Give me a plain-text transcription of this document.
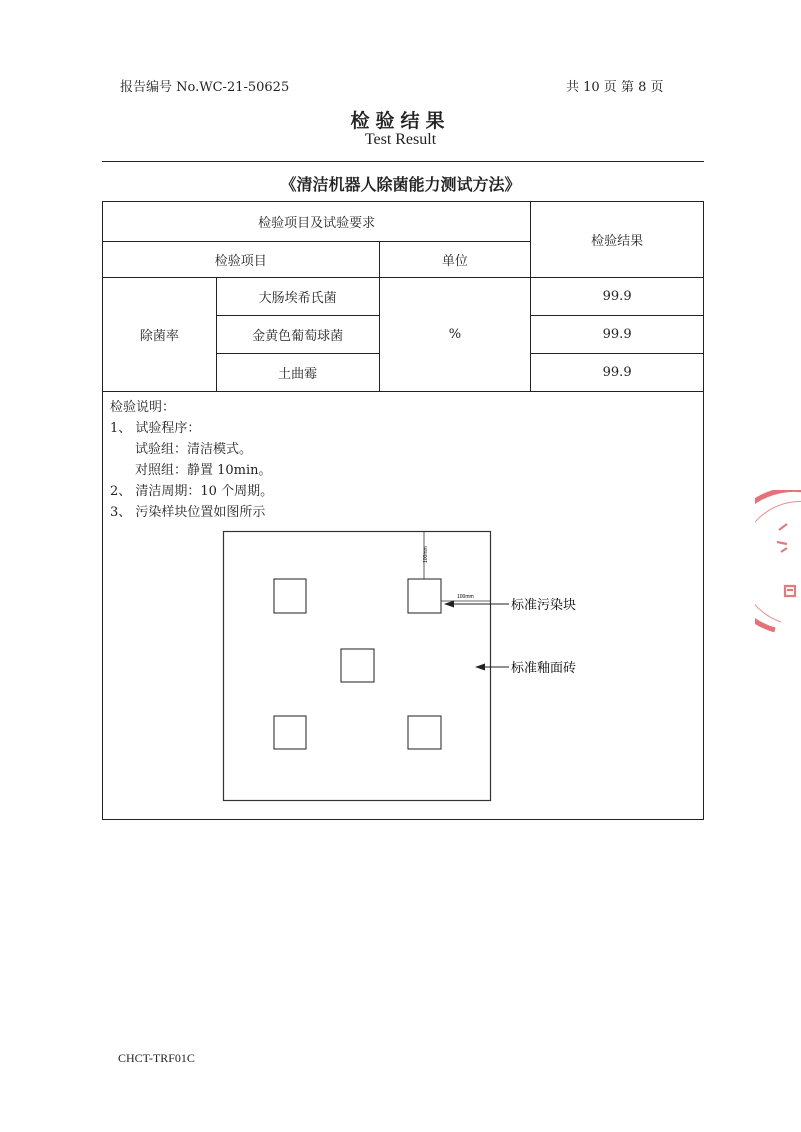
报告编号 No.WC-21-50625	共 10 页 第 8 页
检验结果
Test Result
《清洁机器人除菌能力测试方法》
检验项目及试验要求			检验结果
检验项目		单位	
除菌率	大肠埃希氏菌	%	99.9
	金黄色葡萄球菌		99.9
	土曲霉		99.9

检验说明：
1、 试验程序：
试验组：清洁模式。
对照组：静置 10min。
2、 清洁周期：10 个周期。
3、 污染样块位置如图所示
100mm
100mm
标准污染块
标准釉面砖
CHCT-TRF01C
